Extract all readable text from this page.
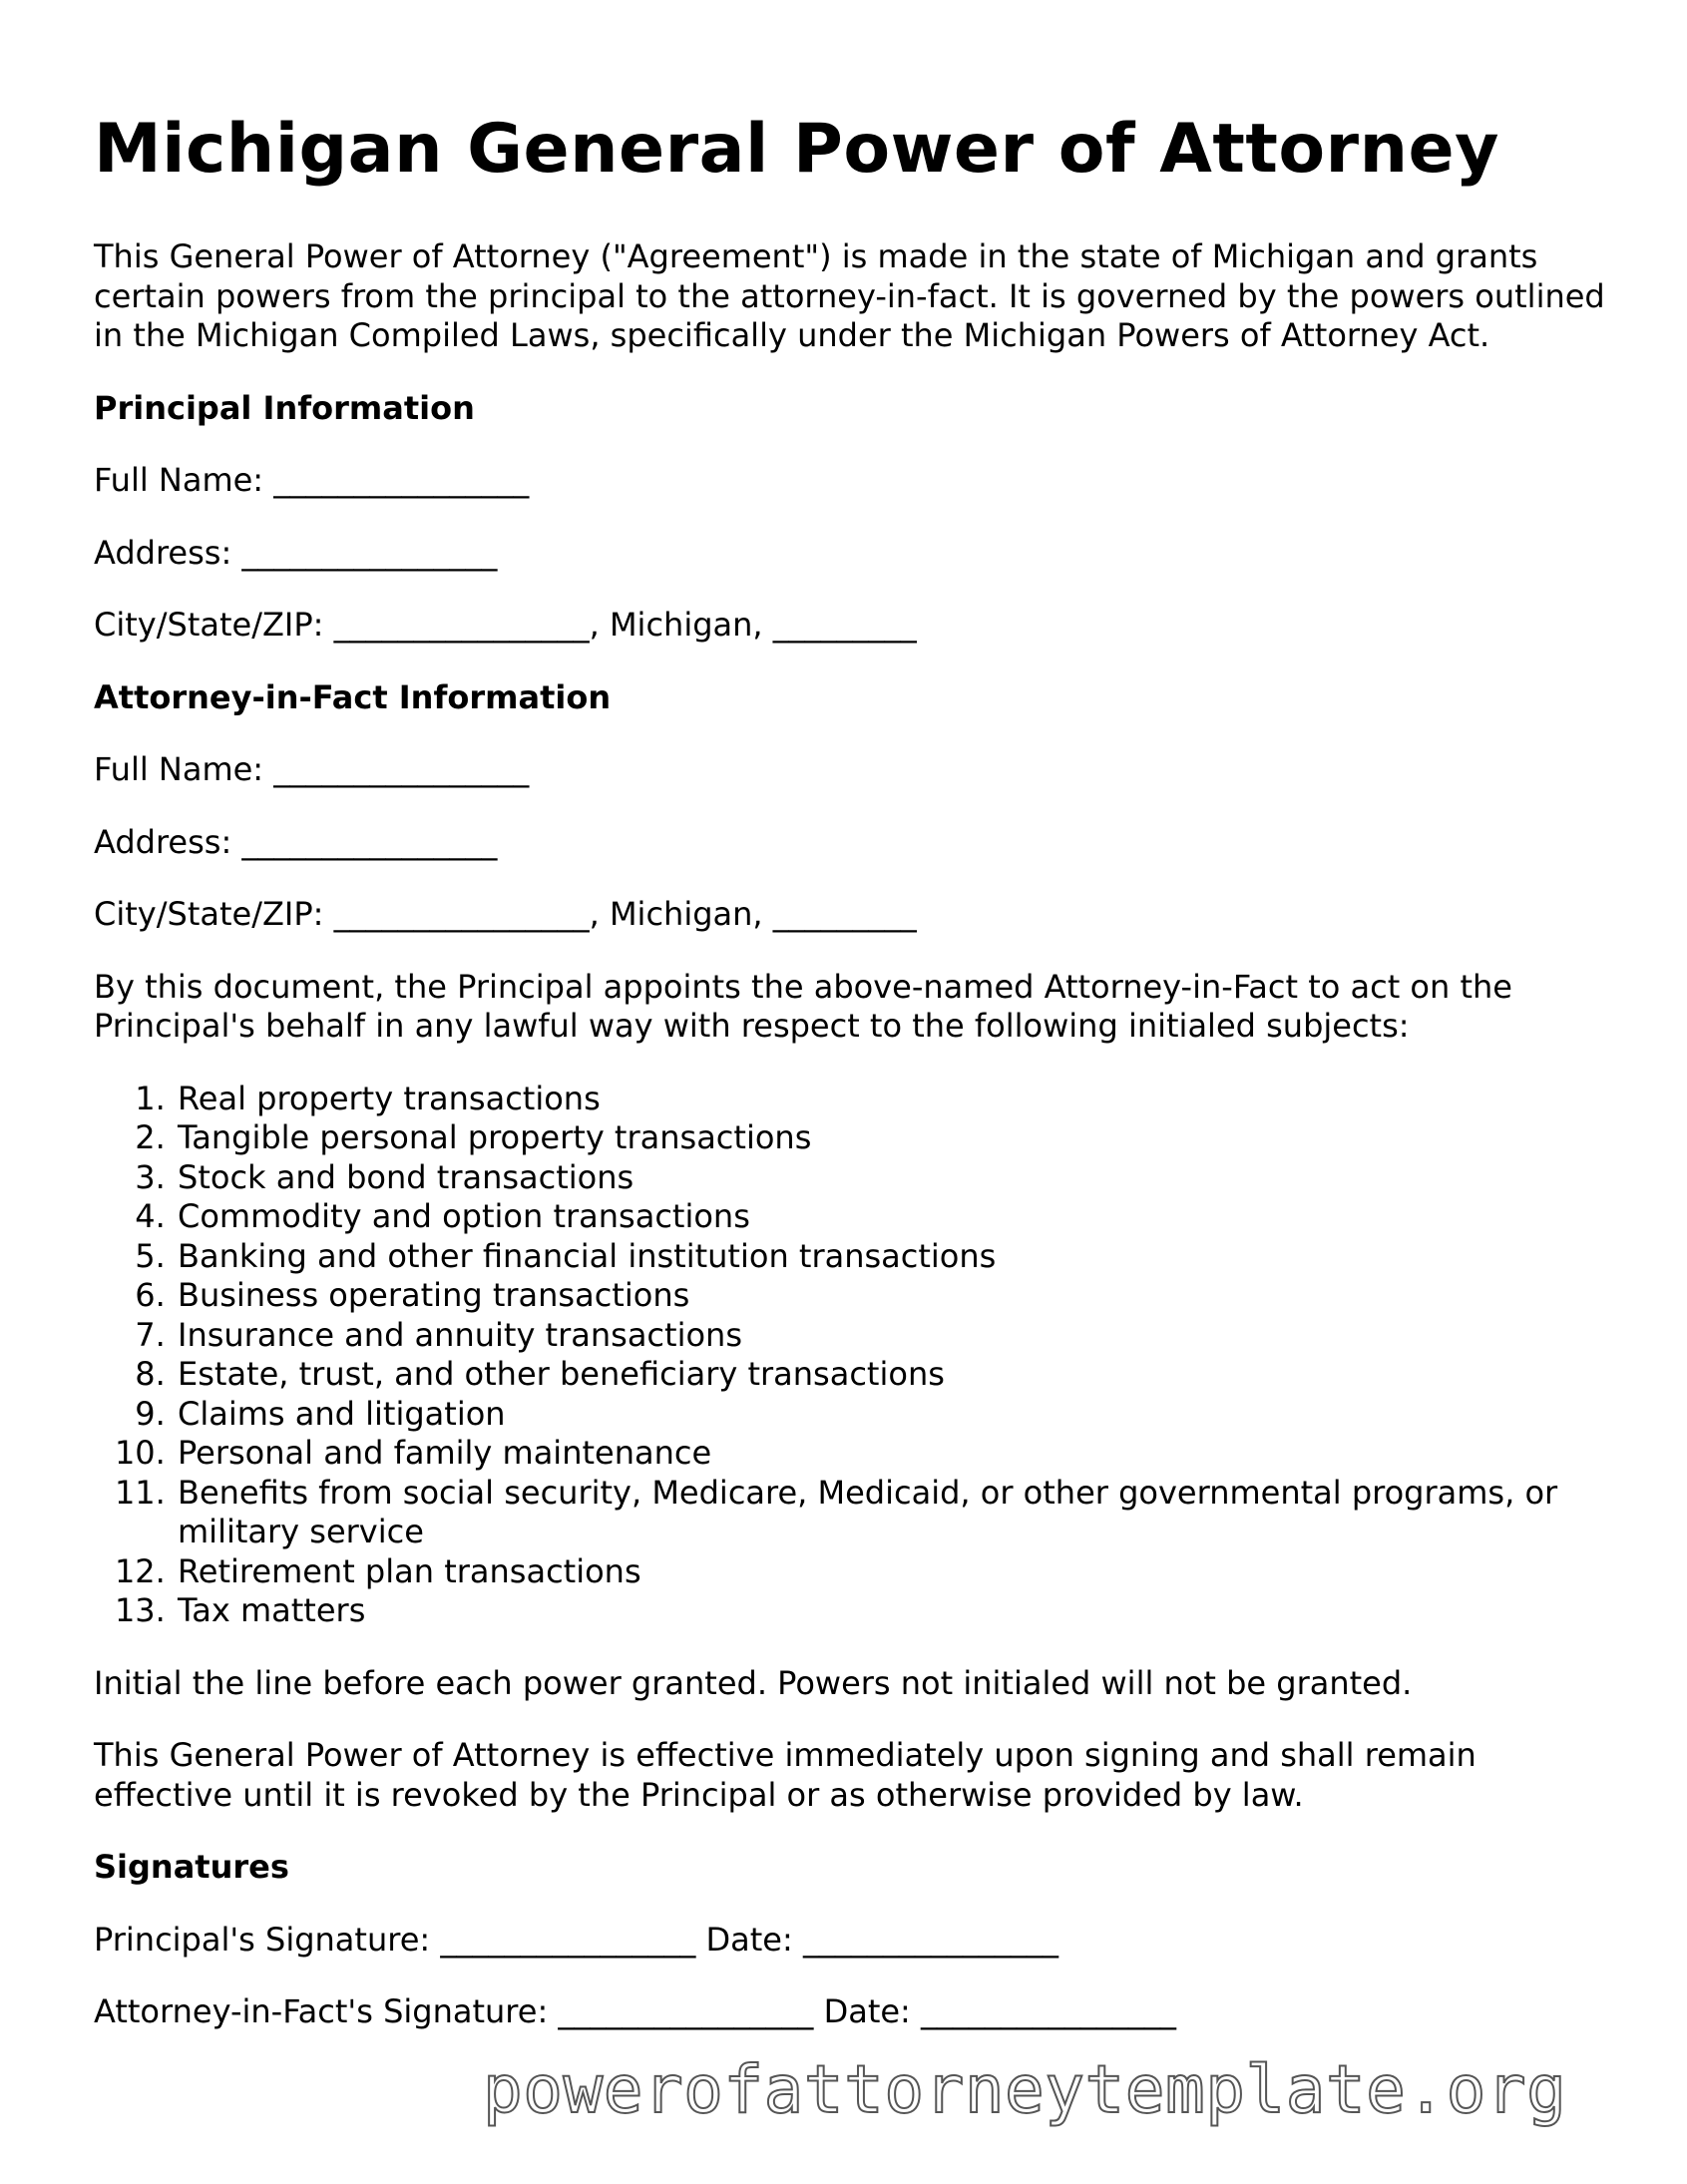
Michigan General Power of Attorney

This General Power of Attorney ("Agreement") is made in the state of Michigan and grants certain powers from the principal to the attorney-in-fact. It is governed by the powers outlined in the Michigan Compiled Laws, specifically under the Michigan Powers of Attorney Act.

Principal Information

Full Name: ________________

Address: ________________

City/State/ZIP: ________________, Michigan, _________

Attorney-in-Fact Information

Full Name: ________________

Address: ________________

City/State/ZIP: ________________, Michigan, _________

By this document, the Principal appoints the above-named Attorney-in-Fact to act on the Principal's behalf in any lawful way with respect to the following initialed subjects:

1. Real property transactions
2. Tangible personal property transactions
3. Stock and bond transactions
4. Commodity and option transactions
5. Banking and other financial institution transactions
6. Business operating transactions
7. Insurance and annuity transactions
8. Estate, trust, and other beneficiary transactions
9. Claims and litigation
10. Personal and family maintenance
11. Benefits from social security, Medicare, Medicaid, or other governmental programs, or military service
12. Retirement plan transactions
13. Tax matters

Initial the line before each power granted. Powers not initialed will not be granted.

This General Power of Attorney is effective immediately upon signing and shall remain effective until it is revoked by the Principal or as otherwise provided by law.

Signatures

Principal's Signature: ________________ Date: ________________

Attorney-in-Fact's Signature: ________________ Date: ________________

powerofattorneytemplate.org
